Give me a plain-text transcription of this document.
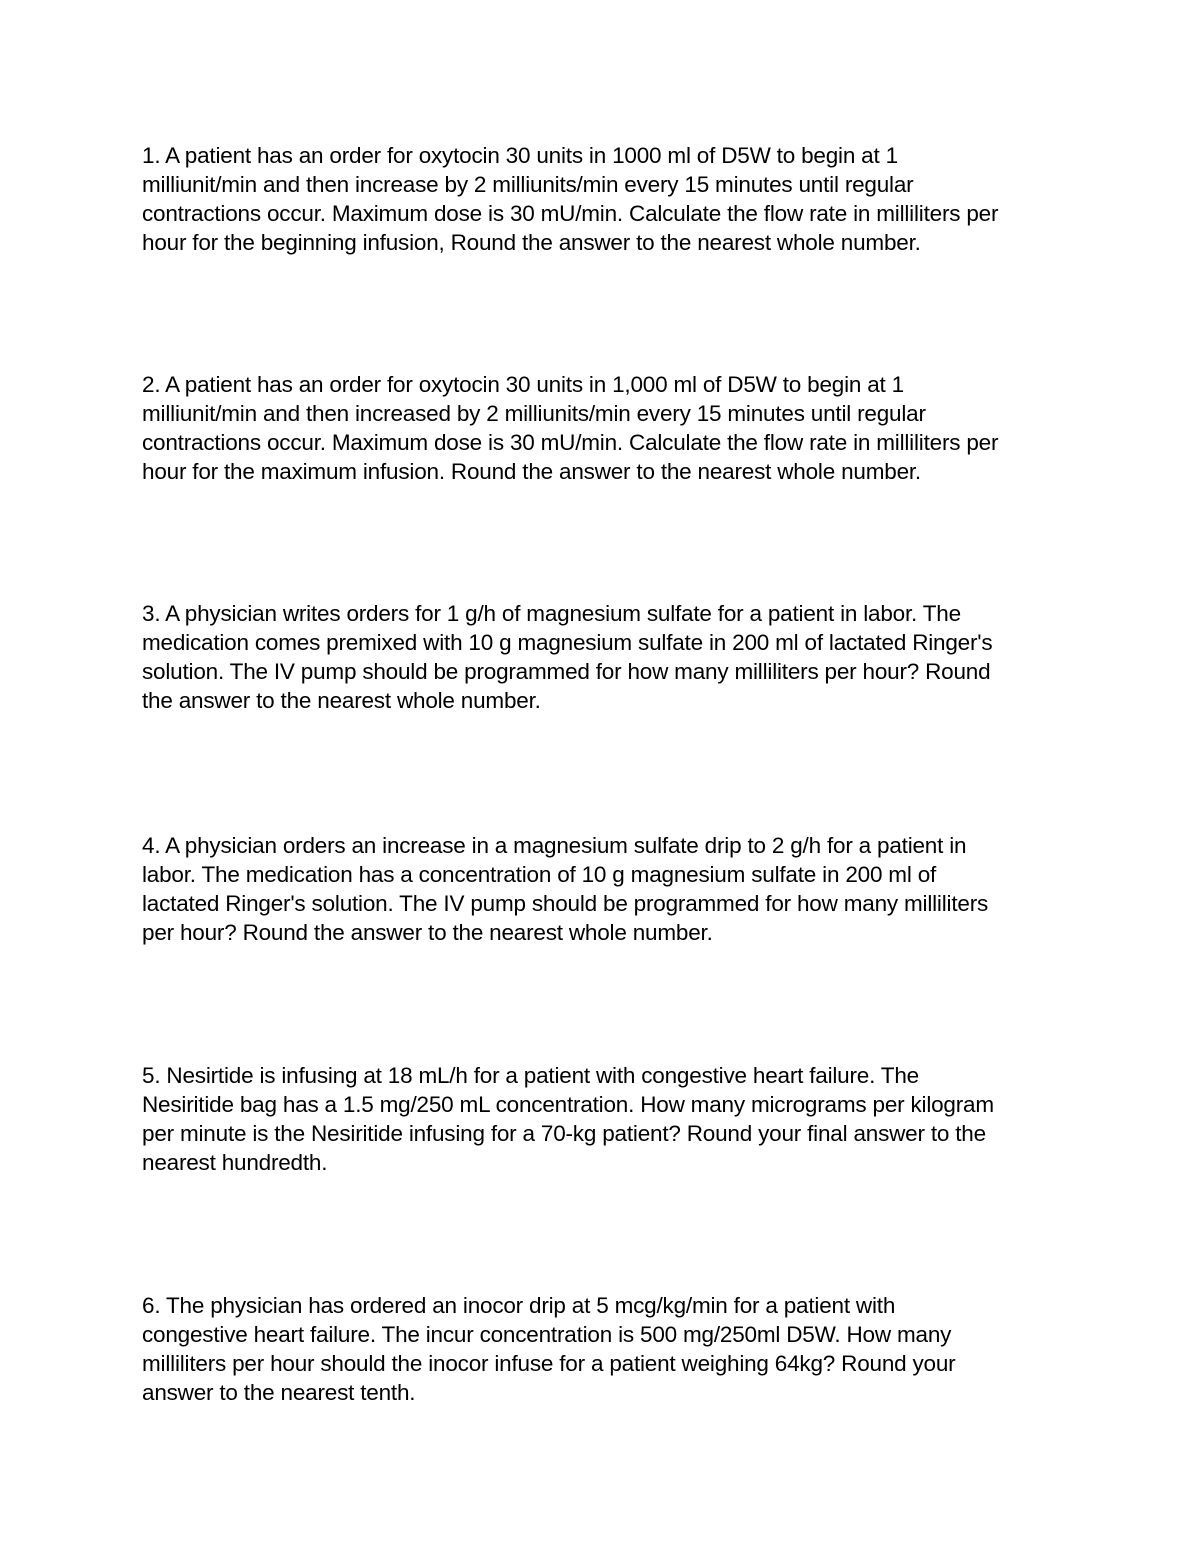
1. A patient has an order for oxytocin 30 units in 1000 ml of D5W to begin at 1
milliunit/min and then increase by 2 milliunits/min every 15 minutes until regular
contractions occur. Maximum dose is 30 mU/min. Calculate the flow rate in milliliters per
hour for the beginning infusion, Round the answer to the nearest whole number.

2. A patient has an order for oxytocin 30 units in 1,000 ml of D5W to begin at 1
milliunit/min and then increased by 2 milliunits/min every 15 minutes until regular
contractions occur. Maximum dose is 30 mU/min. Calculate the flow rate in milliliters per
hour for the maximum infusion. Round the answer to the nearest whole number.

3. A physician writes orders for 1 g/h of magnesium sulfate for a patient in labor. The
medication comes premixed with 10 g magnesium sulfate in 200 ml of lactated Ringer's
solution. The IV pump should be programmed for how many milliliters per hour? Round
the answer to the nearest whole number.

4. A physician orders an increase in a magnesium sulfate drip to 2 g/h for a patient in
labor. The medication has a concentration of 10 g magnesium sulfate in 200 ml of
lactated Ringer's solution. The IV pump should be programmed for how many milliliters
per hour? Round the answer to the nearest whole number.

5. Nesirtide is infusing at 18 mL/h for a patient with congestive heart failure. The
Nesiritide bag has a 1.5 mg/250 mL concentration. How many micrograms per kilogram
per minute is the Nesiritide infusing for a 70-kg patient? Round your final answer to the
nearest hundredth.

6. The physician has ordered an inocor drip at 5 mcg/kg/min for a patient with
congestive heart failure. The incur concentration is 500 mg/250ml D5W. How many
milliliters per hour should the inocor infuse for a patient weighing 64kg? Round your
answer to the nearest tenth.
